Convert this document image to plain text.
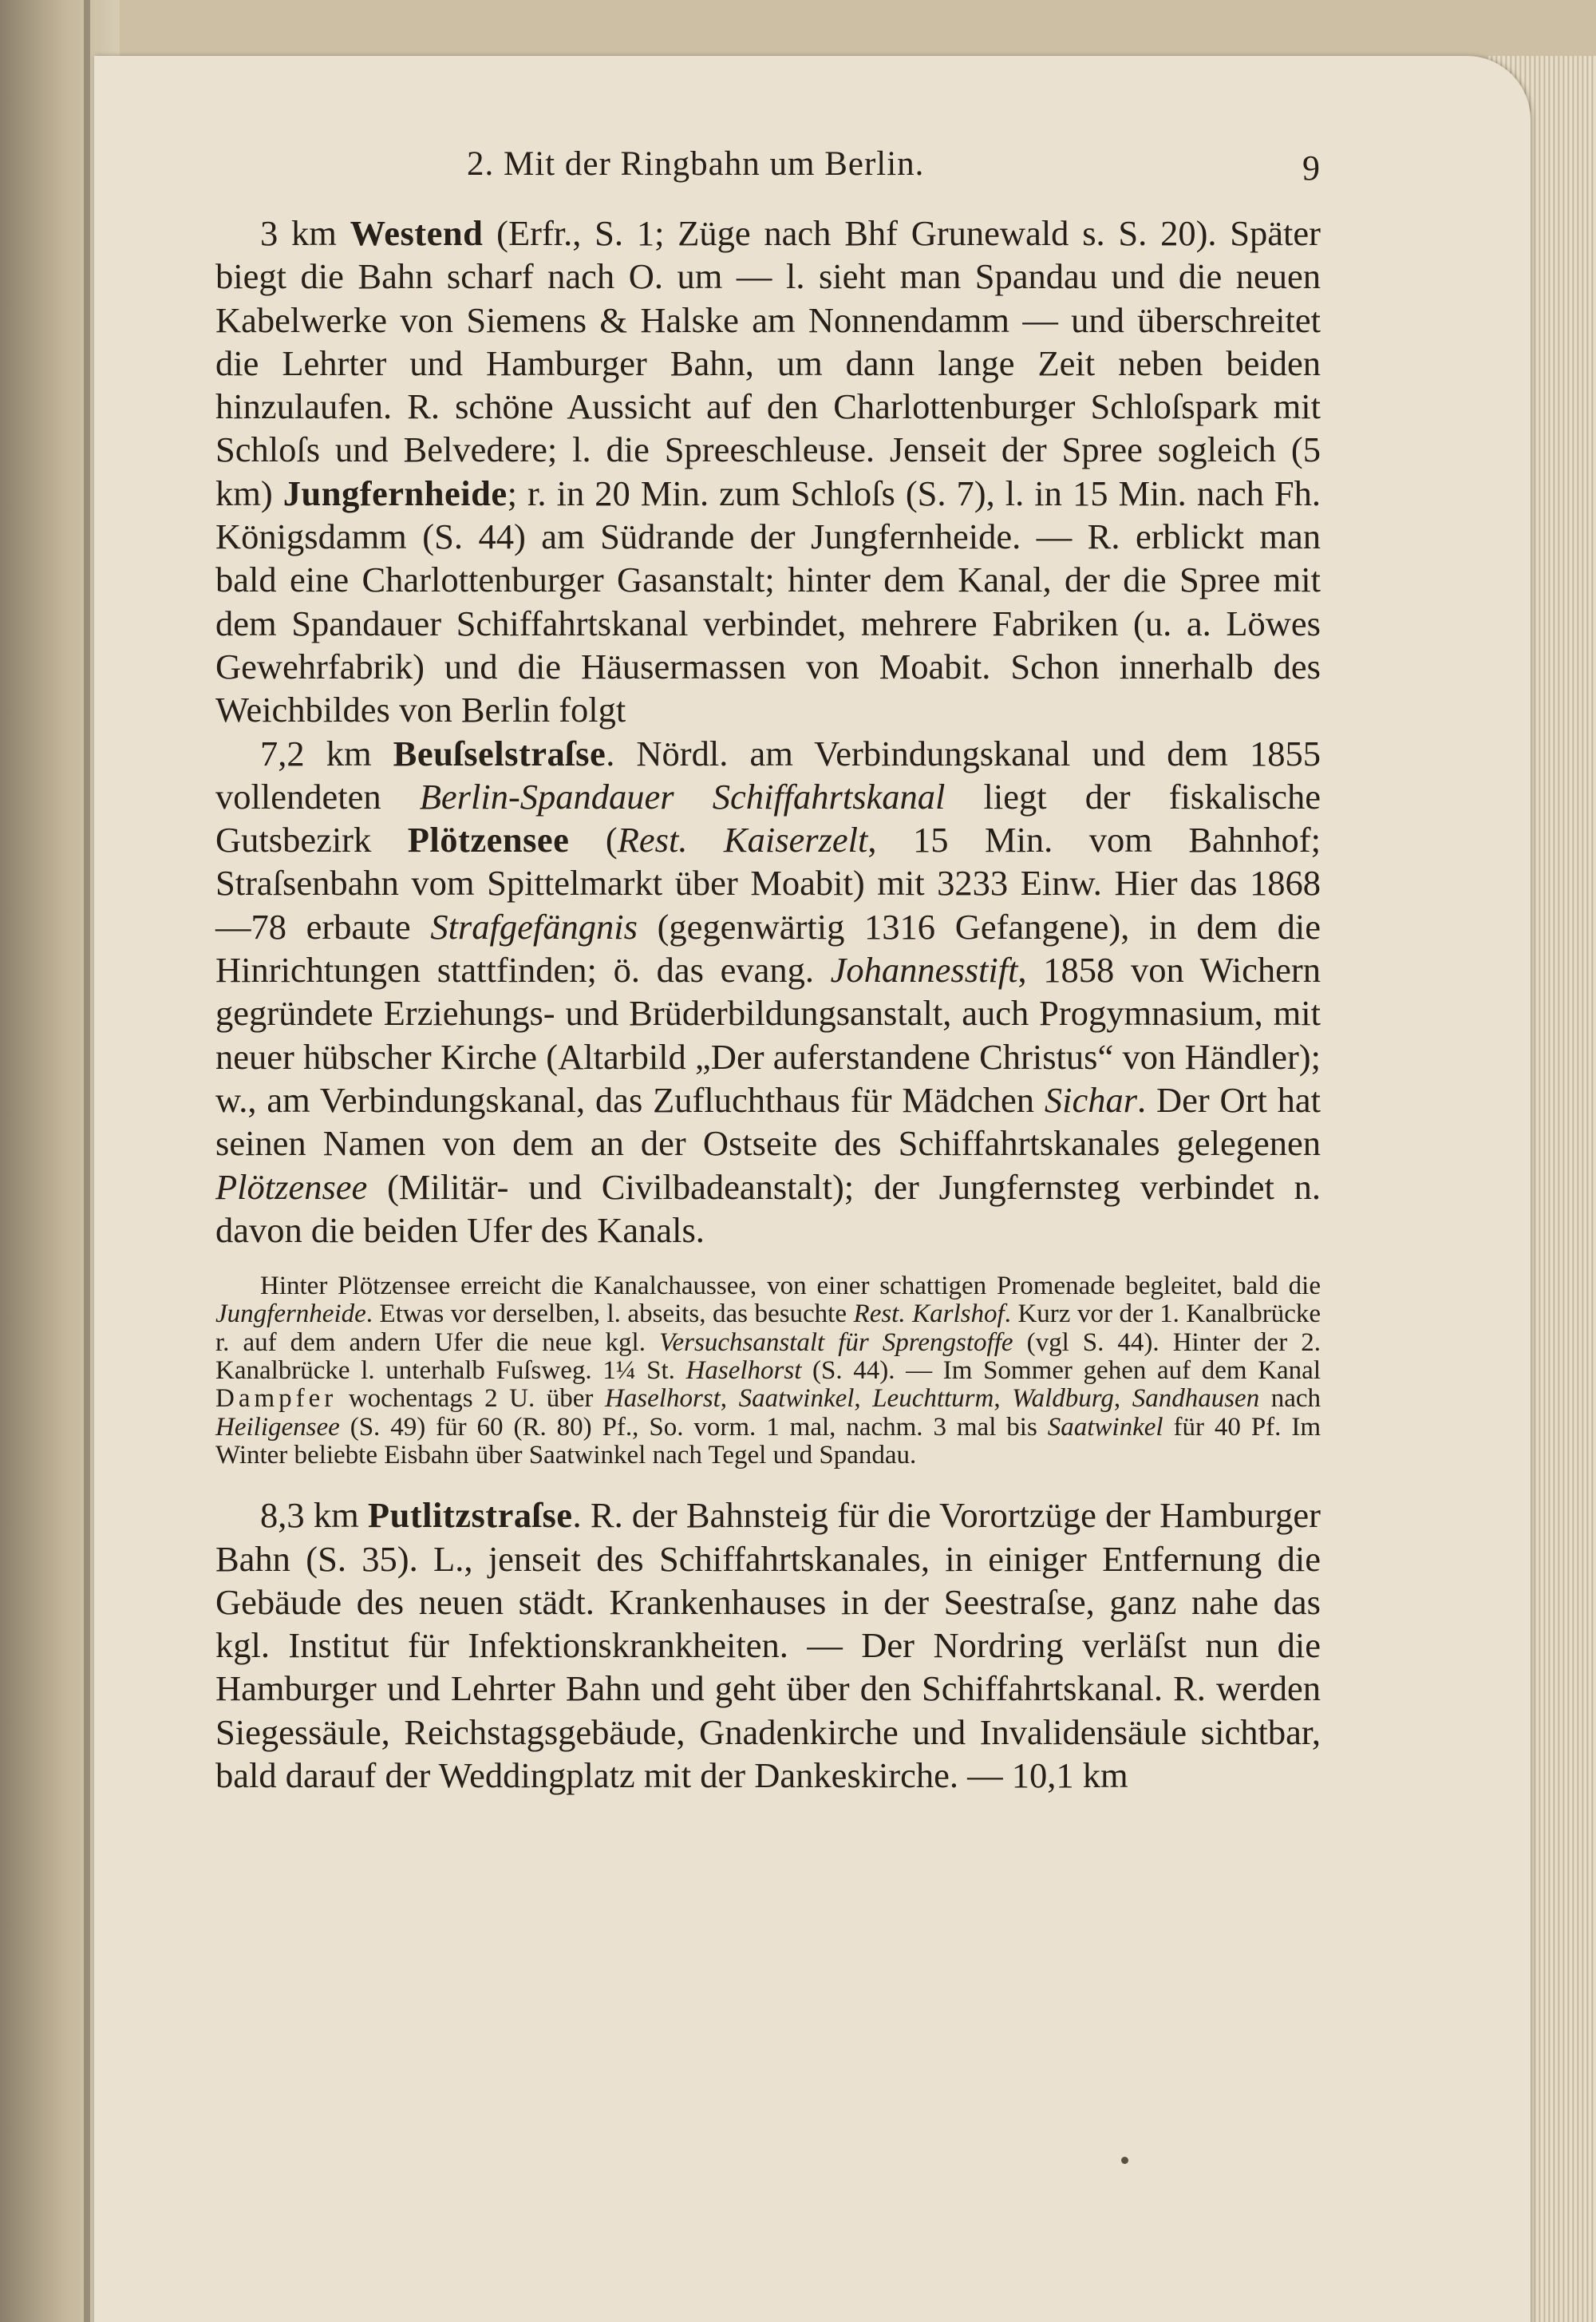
2. Mit der Ringbahn um Berlin.	9

3 km Westend (Erfr., S. 1; Züge nach Bhf Grunewald s. S. 20). Später biegt die Bahn scharf nach O. um — l. sieht man Spandau und die neuen Kabelwerke von Siemens & Halske am Nonnendamm — und überschreitet die Lehrter und Hamburger Bahn, um dann lange Zeit neben beiden hinzulaufen. R. schöne Aussicht auf den Charlottenburger Schloſspark mit Schloſs und Belvedere; l. die Spreeschleuse. Jenseit der Spree sogleich (5 km) Jungfernheide; r. in 20 Min. zum Schloſs (S. 7), l. in 15 Min. nach Fh. Königsdamm (S. 44) am Südrande der Jungfernheide. — R. erblickt man bald eine Charlottenburger Gasanstalt; hinter dem Kanal, der die Spree mit dem Spandauer Schiffahrtskanal verbindet, mehrere Fabriken (u. a. Löwes Gewehrfabrik) und die Häusermassen von Moabit. Schon innerhalb des Weichbildes von Berlin folgt

7,2 km Beuſselstraſse. Nördl. am Verbindungskanal und dem 1855 vollendeten Berlin-Spandauer Schiffahrtskanal liegt der fiskalische Gutsbezirk Plötzensee (Rest. Kaiserzelt, 15 Min. vom Bahnhof; Straſsenbahn vom Spittelmarkt über Moabit) mit 3233 Einw. Hier das 1868—78 erbaute Strafgefängnis (gegenwärtig 1316 Gefangene), in dem die Hinrichtungen stattfinden; ö. das evang. Johannesstift, 1858 von Wichern gegründete Erziehungs- und Brüderbildungsanstalt, auch Progymnasium, mit neuer hübscher Kirche (Altarbild „Der auferstandene Christus“ von Händler); w., am Verbindungskanal, das Zufluchthaus für Mädchen Sichar. Der Ort hat seinen Namen von dem an der Ostseite des Schiffahrtskanales gelegenen Plötzensee (Militär- und Civilbadeanstalt); der Jungfernsteg verbindet n. davon die beiden Ufer des Kanals.

Hinter Plötzensee erreicht die Kanalchaussee, von einer schattigen Promenade begleitet, bald die Jungfernheide. Etwas vor derselben, l. abseits, das besuchte Rest. Karlshof. Kurz vor der 1. Kanalbrücke r. auf dem andern Ufer die neue kgl. Versuchsanstalt für Sprengstoffe (vgl S. 44). Hinter der 2. Kanalbrücke l. unterhalb Fuſsweg. 1¼ St. Haselhorst (S. 44). — Im Sommer gehen auf dem Kanal Dampfer wochentags 2 U. über Haselhorst, Saatwinkel, Leuchtturm, Waldburg, Sandhausen nach Heiligensee (S. 49) für 60 (R. 80) Pf., So. vorm. 1 mal, nachm. 3 mal bis Saatwinkel für 40 Pf. Im Winter beliebte Eisbahn über Saatwinkel nach Tegel und Spandau.

8,3 km Putlitzstraſse. R. der Bahnsteig für die Vorortzüge der Hamburger Bahn (S. 35). L., jenseit des Schiffahrtskanales, in einiger Entfernung die Gebäude des neuen städt. Krankenhauses in der Seestraſse, ganz nahe das kgl. Institut für Infektionskrankheiten. — Der Nordring verläſst nun die Hamburger und Lehrter Bahn und geht über den Schiffahrtskanal. R. werden Siegessäule, Reichstagsgebäude, Gnadenkirche und Invalidensäule sichtbar, bald darauf der Weddingplatz mit der Dankeskirche. — 10,1 km
